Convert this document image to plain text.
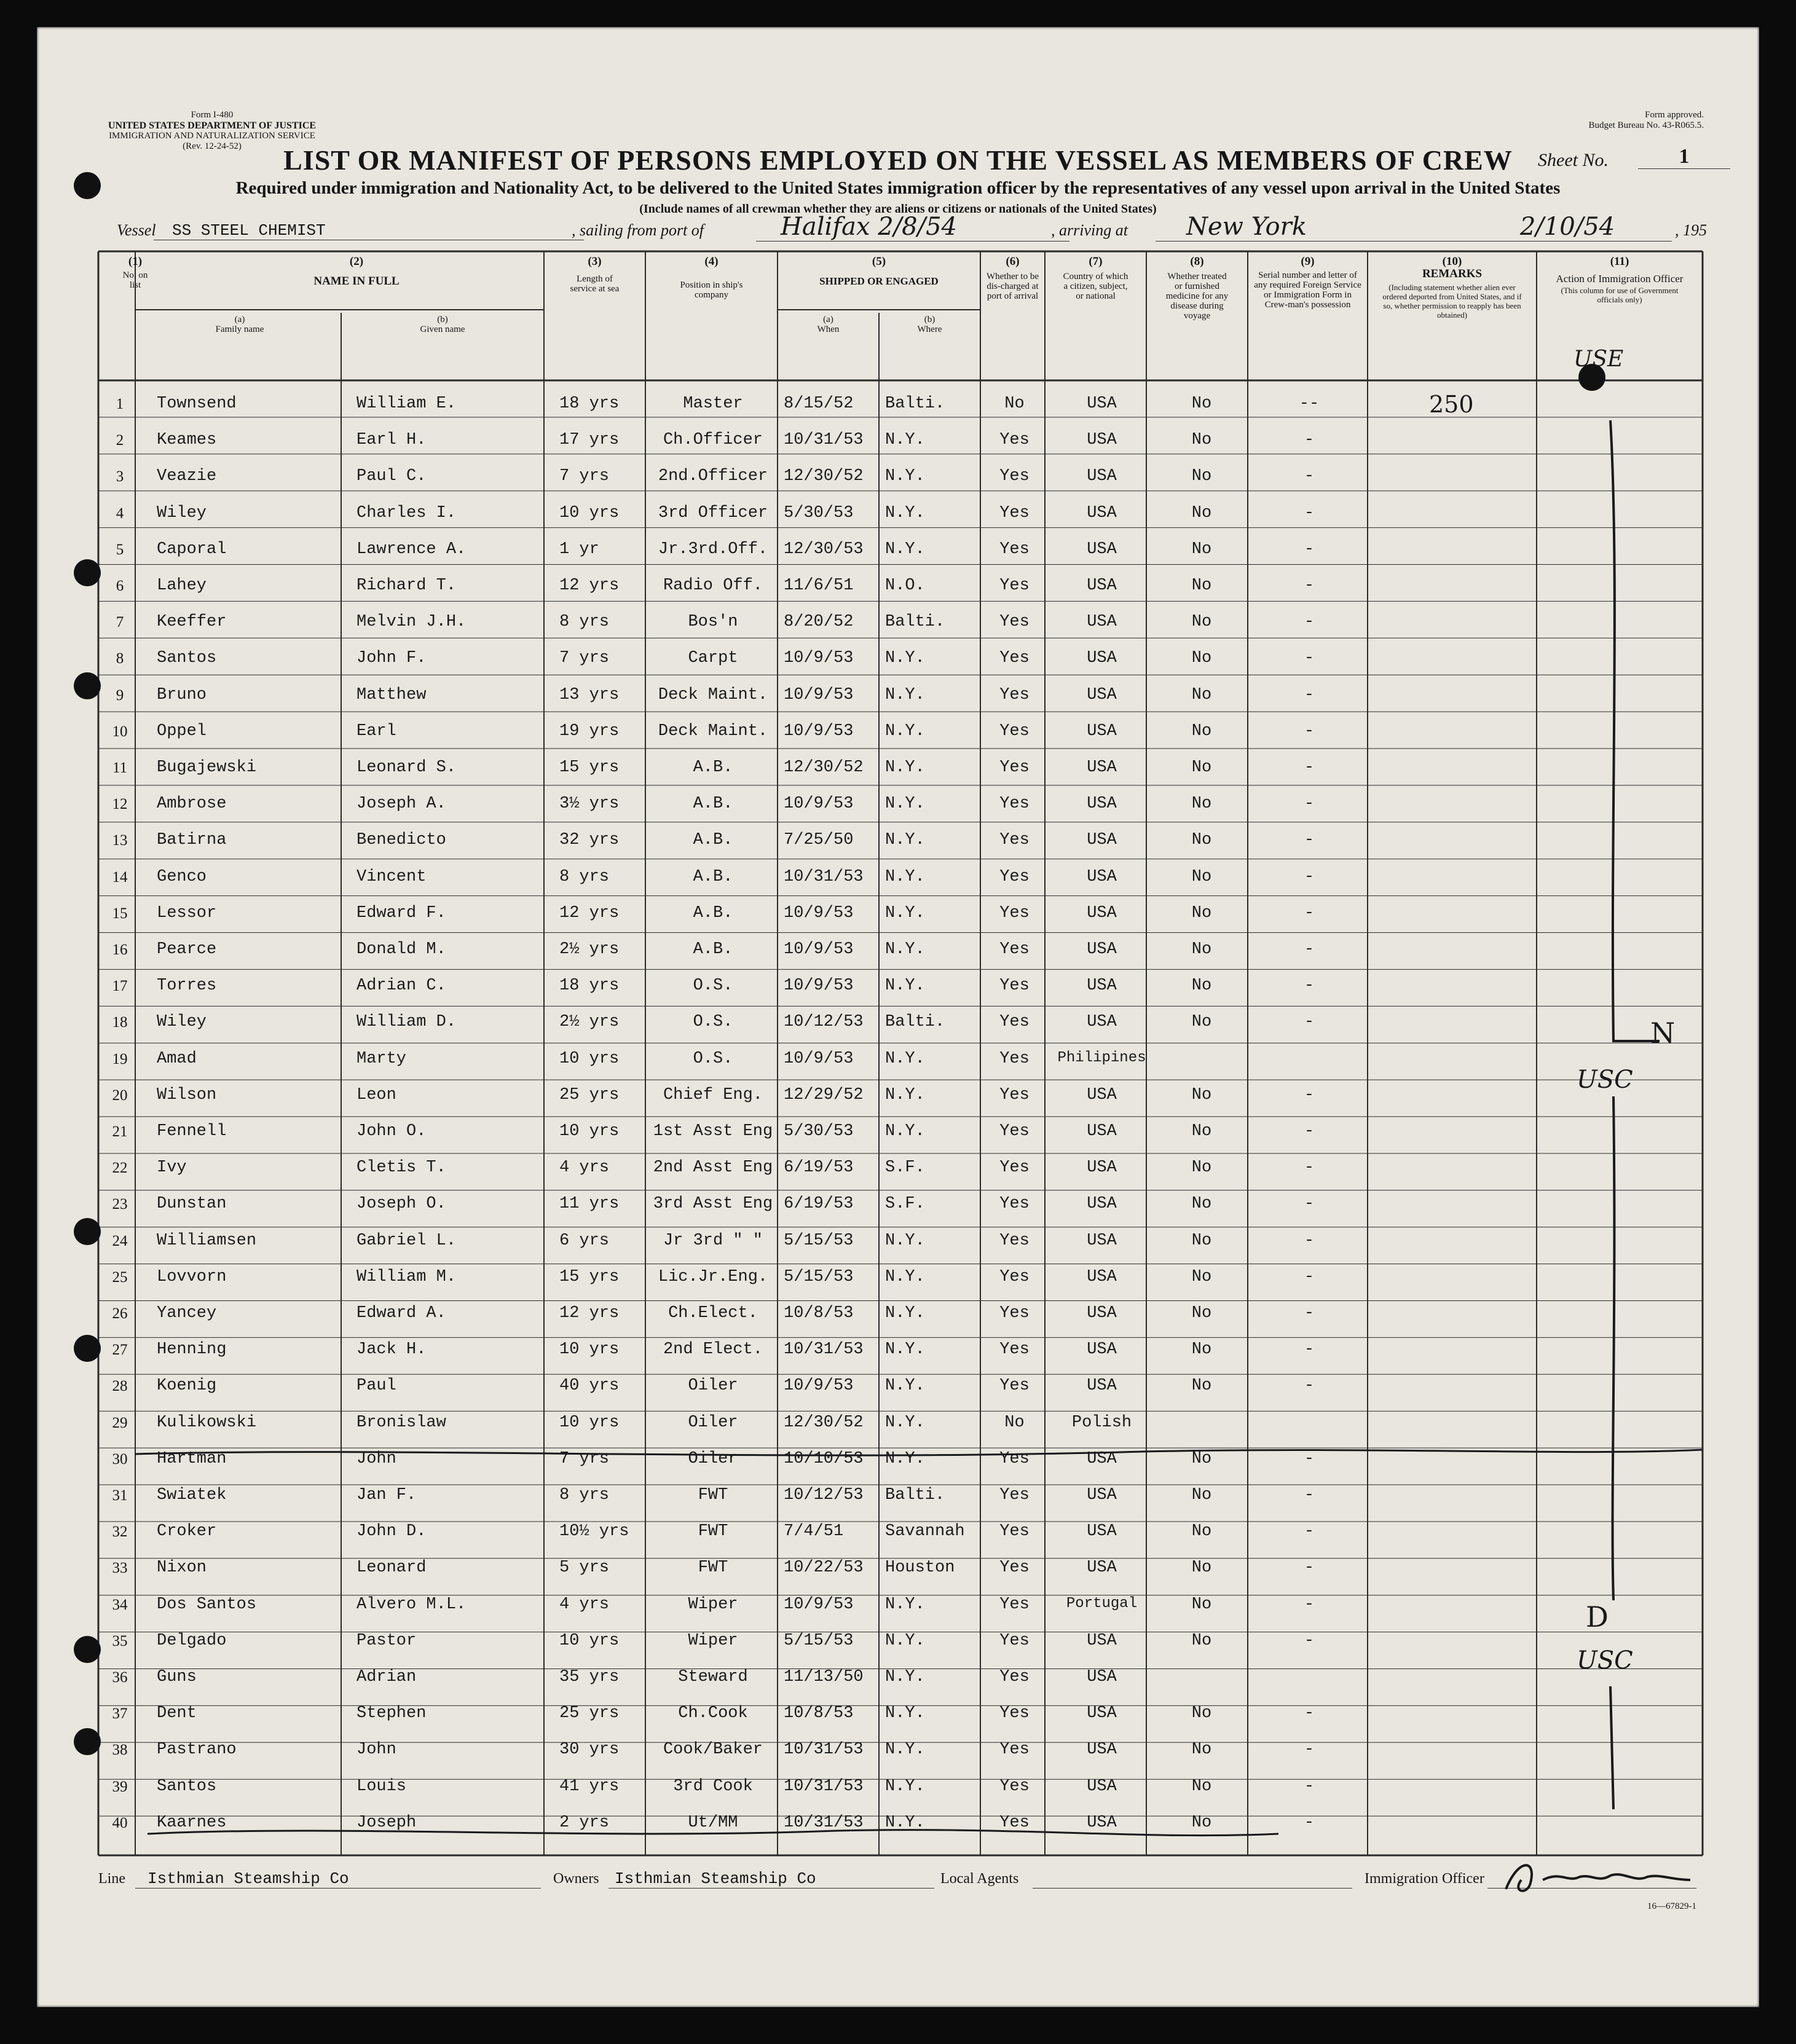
Form I-480
UNITED STATES DEPARTMENT OF JUSTICE
IMMIGRATION AND NATURALIZATION SERVICE
(Rev. 12-24-52)
Form approved.
Budget Bureau No. 43-R065.5.
LIST OR MANIFEST OF PERSONS EMPLOYED ON THE VESSEL AS MEMBERS OF CREW	Sheet No.	1
Required under immigration and Nationality Act, to be delivered to the United States immigration officer by the representatives of any vessel upon arrival in the United States
(Include names of all crewman whether they are aliens or citizens or nationals of the United States)
Vessel	SS STEEL CHEMIST	, sailing from port of	Halifax 2/8/54	, arriving at	New York	2/10/54	, 195
(1)
No. on list
(2)
NAME IN FULL
(a)
Family name
(b)
Given name
(3)
Length of service at sea
(4)
Position in ship's company
(5)
SHIPPED OR ENGAGED
(a)
When
(b)
Where
(6)
Whether to be dis-charged at port of arrival
(7)
Country of which a citizen, subject, or national
(8)
Whether treated or furnished medicine for any disease during voyage
(9)
Serial number and letter of any required Foreign Service or Immigration Form in Crew-man's possession
(10)
REMARKS
(Including statement whether alien ever ordered deported from United States, and if so, whether permission to reapply has been obtained)
(11)
Action of Immigration Officer
(This column for use of Government officials only)
1	Townsend	William E.	18 yrs	Master	8/15/52	Balti.	No	USA	No	--
2	Keames	Earl H.	17 yrs	Ch.Officer	10/31/53	N.Y.	Yes	USA	No	-
3	Veazie	Paul C.	7 yrs	2nd.Officer 12/30/52	N.Y.	Yes	USA	No	-
4	Wiley	Charles I.	10 yrs	3rd Officer 5/30/53	N.Y.	Yes	USA	No	-
5	Caporal	Lawrence A.	1 yr	Jr.3rd.Off. 12/30/53	N.Y.	Yes	USA	No	-
6	Lahey	Richard T.	12 yrs	Radio Off.	11/6/51	N.O.	Yes	USA	No	-
7	Keeffer	Melvin J.H.	8 yrs	Bos'n	8/20/52	Balti.	Yes	USA	No	-
8	Santos	John F.	7 yrs	Carpt	10/9/53	N.Y.	Yes	USA	No	-
9	Bruno	Matthew	13 yrs	Deck Maint. 10/9/53	N.Y.	Yes	USA	No	-
10	Oppel	Earl	19 yrs	Deck Maint. 10/9/53	N.Y.	Yes	USA	No	-
11	Bugajewski	Leonard S.	15 yrs	A.B.	12/30/52	N.Y.	Yes	USA	No	-
12	Ambrose	Joseph A.	3½ yrs	A.B.	10/9/53	N.Y.	Yes	USA	No	-
13	Batirna	Benedicto	32 yrs	A.B.	7/25/50	N.Y.	Yes	USA	No	-
14	Genco	Vincent	8 yrs	A.B.	10/31/53	N.Y.	Yes	USA	No	-
15	Lessor	Edward F.	12 yrs	A.B.	10/9/53	N.Y.	Yes	USA	No	-
16	Pearce	Donald M.	2½ yrs	A.B.	10/9/53	N.Y.	Yes	USA	No	-
17	Torres	Adrian C.	18 yrs	O.S.	10/9/53	N.Y.	Yes	USA	No	-
18	Wiley	William D.	2½ yrs	O.S.	10/12/53	Balti.	Yes	USA	No	-
19	Amad	Marty	10 yrs	O.S.	10/9/53	N.Y.	Yes	Philipines
20	Wilson	Leon	25 yrs	Chief Eng.	12/29/52	N.Y.	Yes	USA	No	-
21	Fennell	John O.	10 yrs	1st Asst Eng 5/30/53	N.Y.	Yes	USA	No	-
22	Ivy	Cletis T.	4 yrs	2nd Asst Eng 6/19/53	S.F.	Yes	USA	No	-
23	Dunstan	Joseph O.	11 yrs	3rd Asst Eng 6/19/53	S.F.	Yes	USA	No	-
24	Williamsen	Gabriel L.	6 yrs	Jr 3rd " "	5/15/53	N.Y.	Yes	USA	No	-
25	Lovvorn	William M.	15 yrs	Lic.Jr.Eng. 5/15/53	N.Y.	Yes	USA	No	-
26	Yancey	Edward A.	12 yrs	Ch.Elect.	10/8/53	N.Y.	Yes	USA	No	-
27	Henning	Jack H.	10 yrs	2nd Elect.	10/31/53	N.Y.	Yes	USA	No	-
28	Koenig	Paul	40 yrs	Oiler	10/9/53	N.Y.	Yes	USA	No	-
29	Kulikowski	Bronislaw	10 yrs	Oiler	12/30/52	N.Y.	No	Polish
30	Hartman	John	7 yrs	Oiler	10/10/53	N.Y.	Yes	USA	No	-
31	Swiatek	Jan F.	8 yrs	FWT	10/12/53	Balti.	Yes	USA	No	-
32	Croker	John D.	10½ yrs	FWT	7/4/51	Savannah	Yes	USA	No	-
33	Nixon	Leonard	5 yrs	FWT	10/22/53	Houston	Yes	USA	No	-
34	Dos Santos	Alvero M.L.	4 yrs	Wiper	10/9/53	N.Y.	Yes	Portugal	No	-
35	Delgado	Pastor	10 yrs	Wiper	5/15/53	N.Y.	Yes	USA	No	-
36	Guns	Adrian	35 yrs	Steward	11/13/50	N.Y.	Yes	USA
37	Dent	Stephen	25 yrs	Ch.Cook	10/8/53	N.Y.	Yes	USA	No	-
38	Pastrano	John	30 yrs	Cook/Baker	10/31/53	N.Y.	Yes	USA	No	-
39	Santos	Louis	41 yrs	3rd Cook	10/31/53	N.Y.	Yes	USA	No	-
40	Kaarnes	Joseph	2 yrs	Ut/MM	10/31/53	N.Y.	Yes	USA	No	-
250
USE
N
USC
D
USC
Line	Isthmian Steamship Co	Owners Isthmian Steamship Co	Local Agents	Immigration Officer
16—67829-1
